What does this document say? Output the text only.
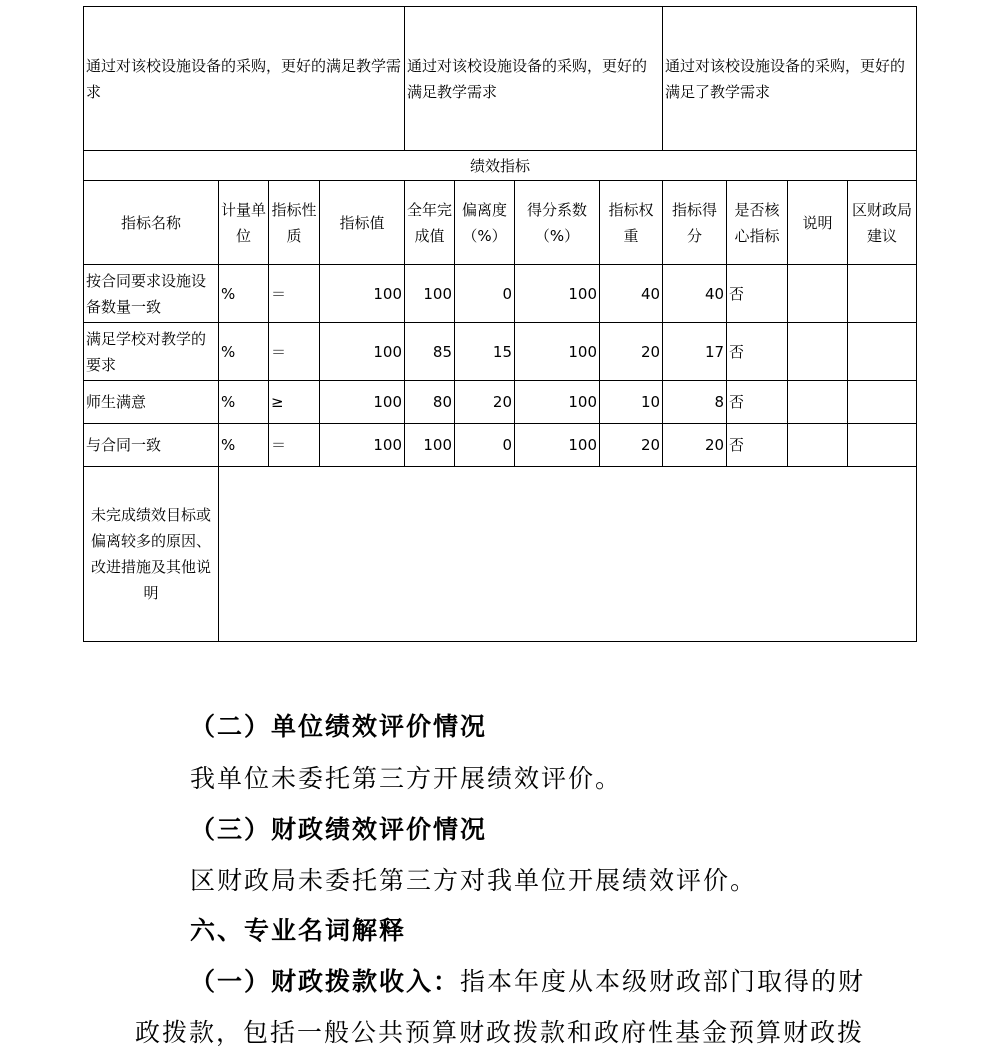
通过对该校设施设备的采购，更好的满足教学需求				通过对该校设施设备的采购，更好的满足教学需求				通过对该校设施设备的采购，更好的满足了教学需求			
绩效指标											
指标名称	计量单位	指标性质	指标值	全年完成值	偏离度（%）	得分系数（%）	指标权重	指标得分	是否核心指标	说明	区财政局建议
按合同要求设施设备数量一致	%	＝	100	100	0	100	40	40	否		
满足学校对教学的要求	%	＝	100	85	15	100	20	17	否		
师生满意	%	≥	100	80	20	100	10	8	否		
与合同一致	%	＝	100	100	0	100	20	20	否		
未完成绩效目标或偏离较多的原因、改进措施及其他说明											
（二）单位绩效评价情况
我单位未委托第三方开展绩效评价。
（三）财政绩效评价情况
区财政局未委托第三方对我单位开展绩效评价。
六、专业名词解释
（一）财政拨款收入：指本年度从本级财政部门取得的财
政拨款，包括一般公共预算财政拨款和政府性基金预算财政拨
